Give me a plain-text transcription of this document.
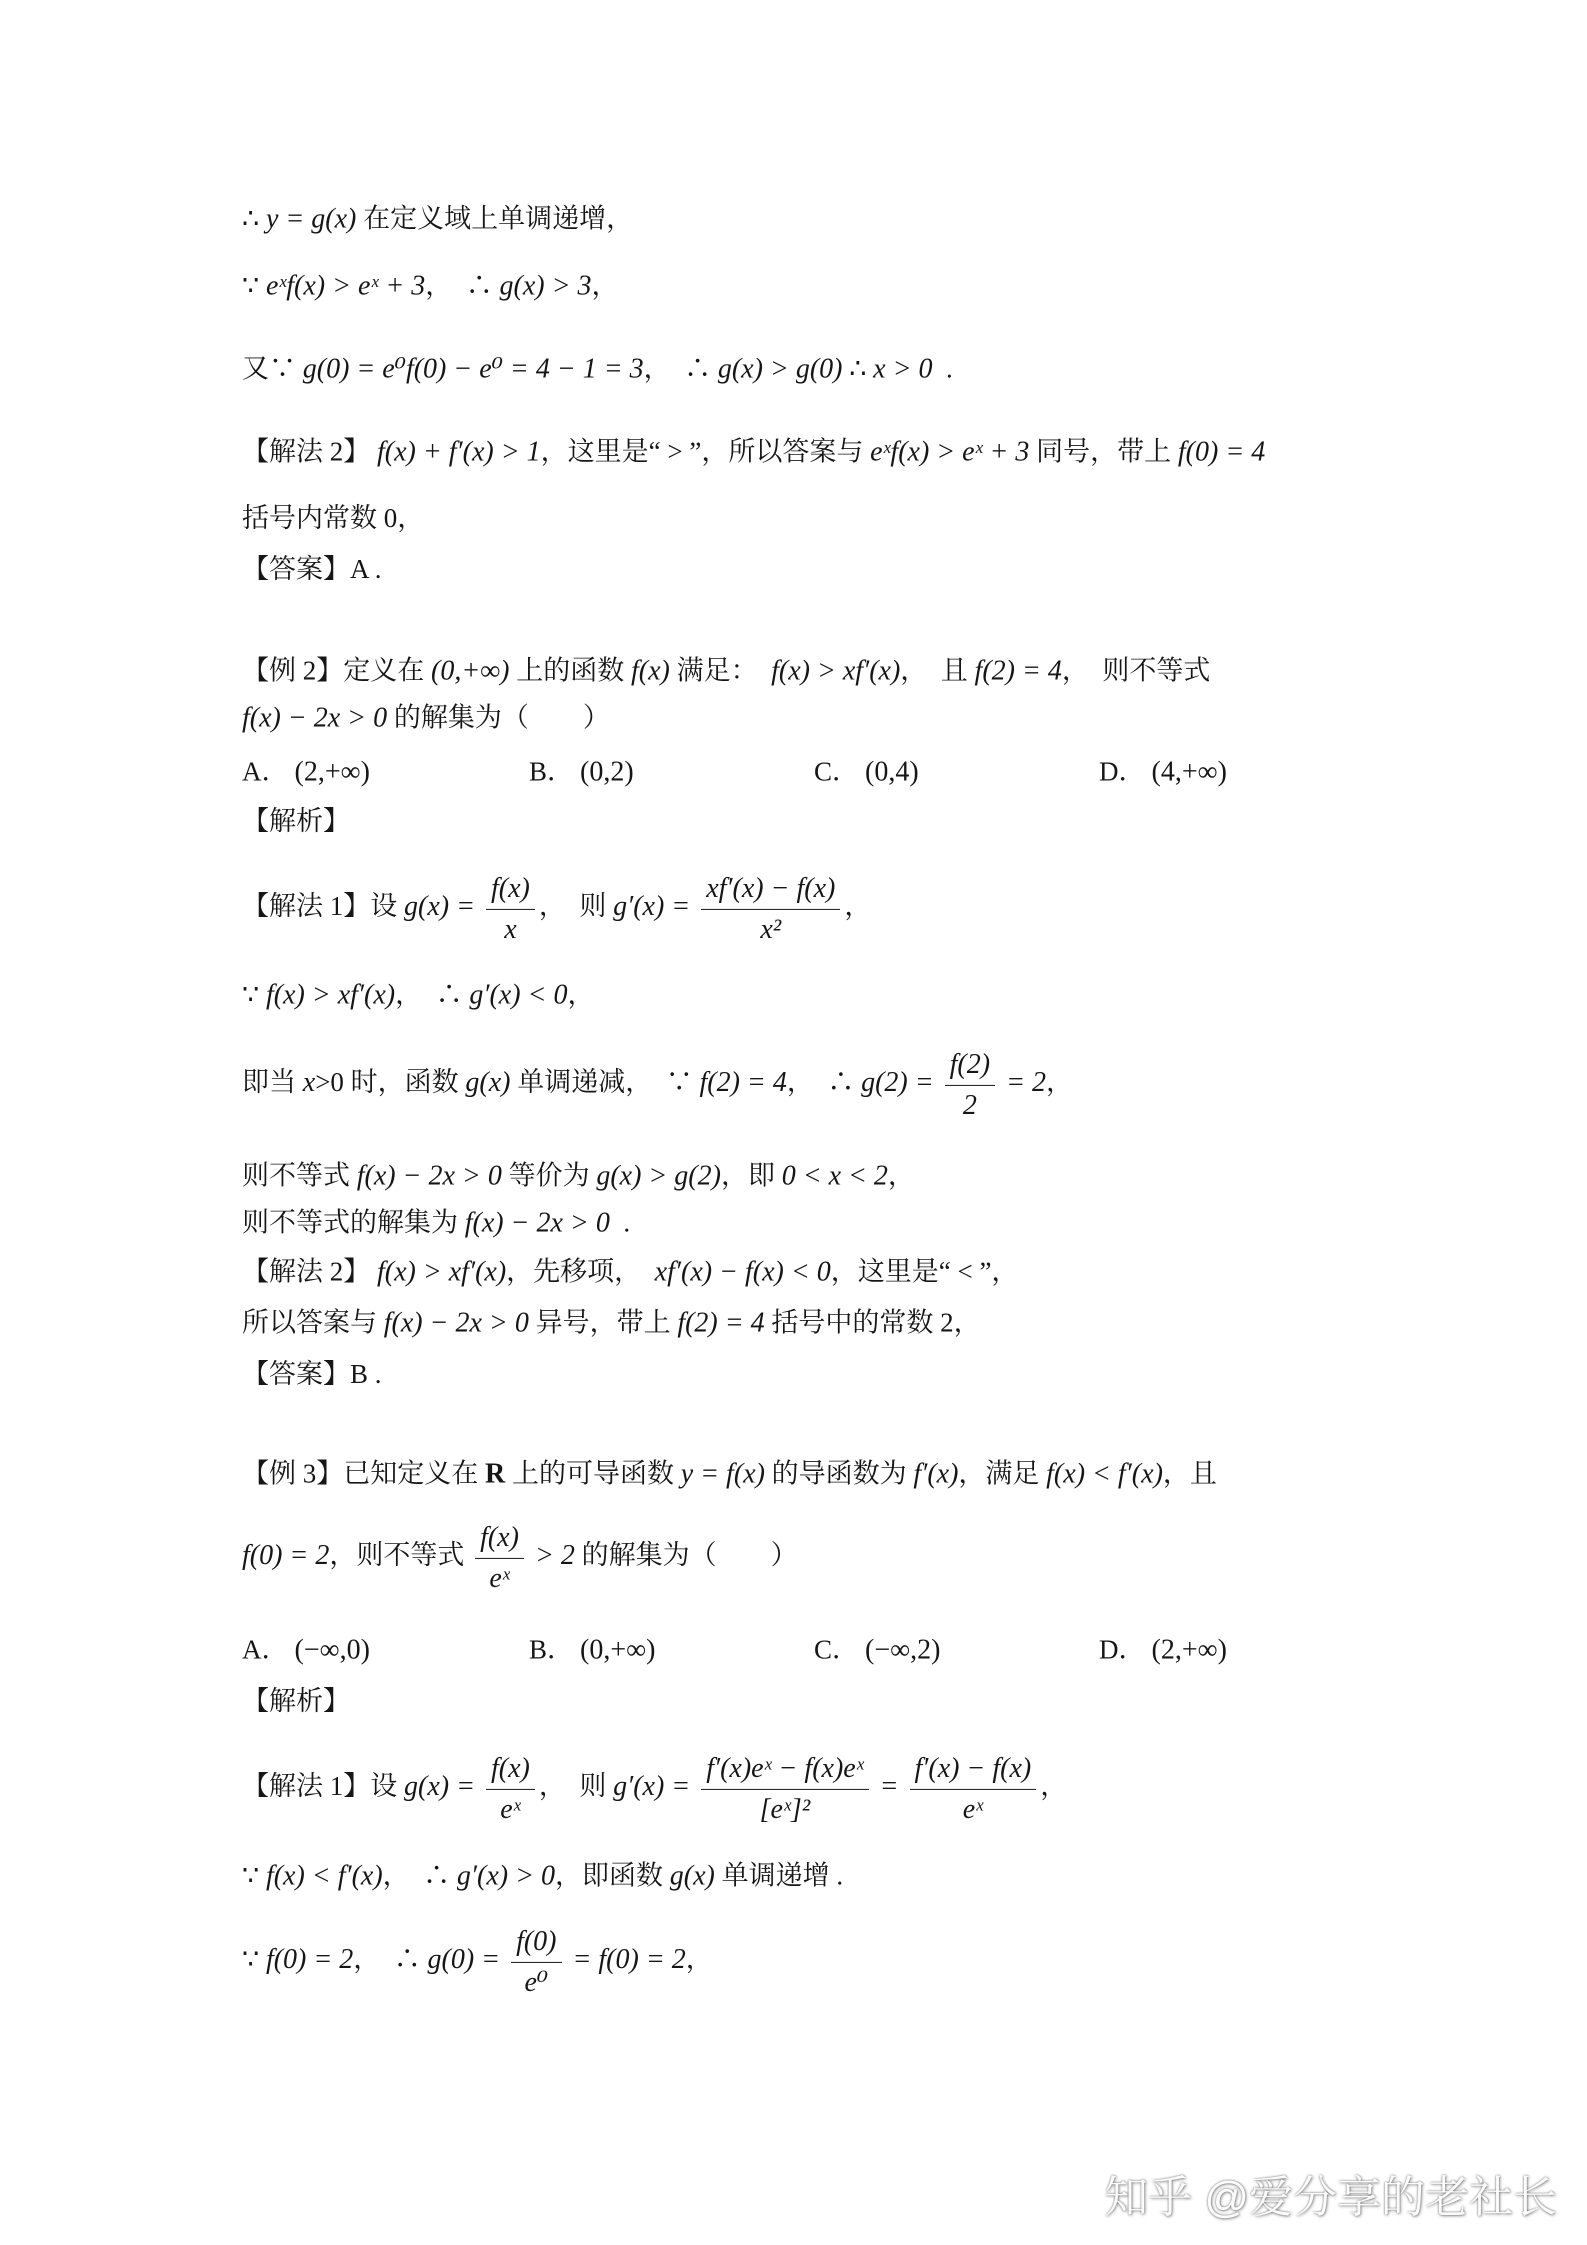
知乎 @爱分享的老社长
∴ y = g(x) 在定义域上单调递增，
∵ eˣf(x) > eˣ + 3，  ∴ g(x) > 3，
又∵ g(0) = e⁰f(0) − e⁰ = 4 − 1 = 3，  ∴ g(x) > g(0) ∴ x > 0  .
【解法 2】 f(x) + f′(x) > 1，这里是“ > ”，所以答案与 eˣf(x) > eˣ + 3 同号，带上 f(0) = 4
括号内常数 0，
【答案】A .
【例 2】定义在 (0,+∞) 上的函数 f(x) 满足：  f(x) > xf′(x)，  且 f(2) = 4，  则不等式
f(x) − 2x > 0 的解集为（　　）
A． (2,+∞)	B． (0,2)	C． (0,4)	D． (4,+∞)
【解析】
【解法 1】设 $g(x) = \frac{f(x)}{x}$ ，  则 $g'(x) = \frac{xf'(x) - f(x)}{\text{x²}}$ ，
∵ f(x) > xf′(x)，  ∴ g′(x) < 0，
即当 x>0 时，函数 g(x) 单调递减，  ∵ f(2) = 4，  ∴ $g(2) = \frac{f(2)}{2} = 2$，
则不等式 f(x) − 2x > 0 等价为 g(x) > g(2)，即 0 < x < 2，
则不等式的解集为 f(x) − 2x > 0  .
【解法 2】 f(x) > xf′(x)，先移项，  xf′(x) − f(x) < 0，这里是“ < ”，
所以答案与 f(x) − 2x > 0 异号，带上 f(2) = 4 括号中的常数 2，
【答案】B .
【例 3】已知定义在 R 上的可导函数 y = f(x) 的导函数为 f′(x)，满足 f(x) < f′(x)，且
f(0) = 2，则不等式 $\frac{f(x)}{\text{eˣ}} > 2$ 的解集为（　　）
A． (−∞,0)	B． (0,+∞)	C． (−∞,2)	D． (2,+∞)
【解析】
【解法 1】设 $g(x) = \frac{f(x)}{\text{eˣ}}$ ，  则 $g'(x) = \frac{\text{f′(x)eˣ − f(x)eˣ}}{\text{[eˣ]²}} = \frac{f'(x) - f(x)}{\text{eˣ}}$ ，
∵ f(x) < f′(x)，  ∴ g′(x) > 0，即函数 g(x) 单调递增 .
∵ f(0) = 2，  ∴ $g(0) = \frac{f(0)}{\text{e⁰}} = f(0) = 2$，
